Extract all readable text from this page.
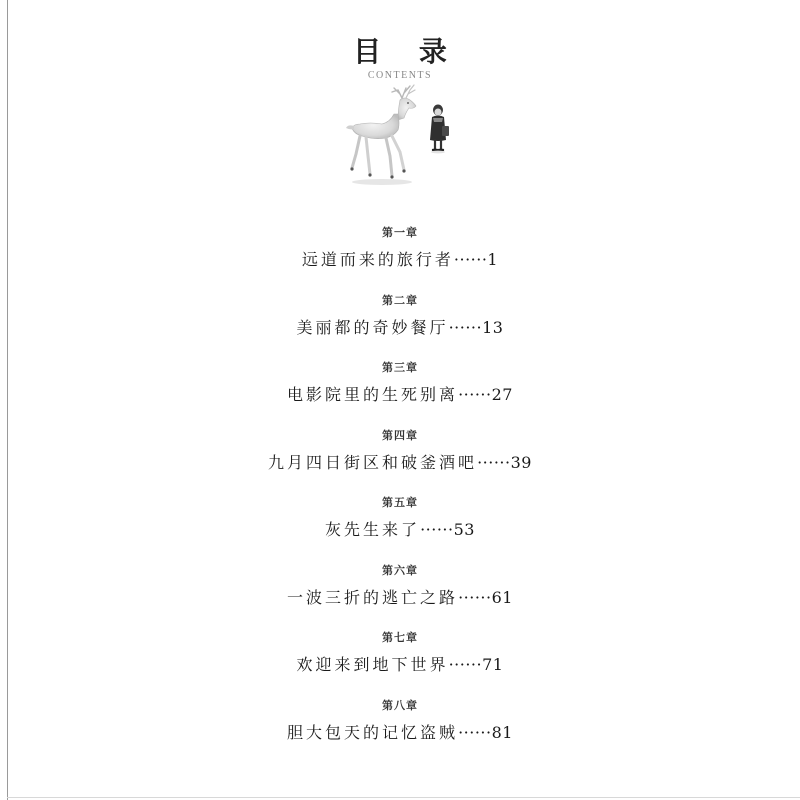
目 录
CONTENTS
第一章
远道而来的旅行者······1
第二章
美丽都的奇妙餐厅······13
第三章
电影院里的生死别离······27
第四章
九月四日街区和破釜酒吧······39
第五章
灰先生来了······53
第六章
一波三折的逃亡之路······61
第七章
欢迎来到地下世界······71
第八章
胆大包天的记忆盗贼······81
